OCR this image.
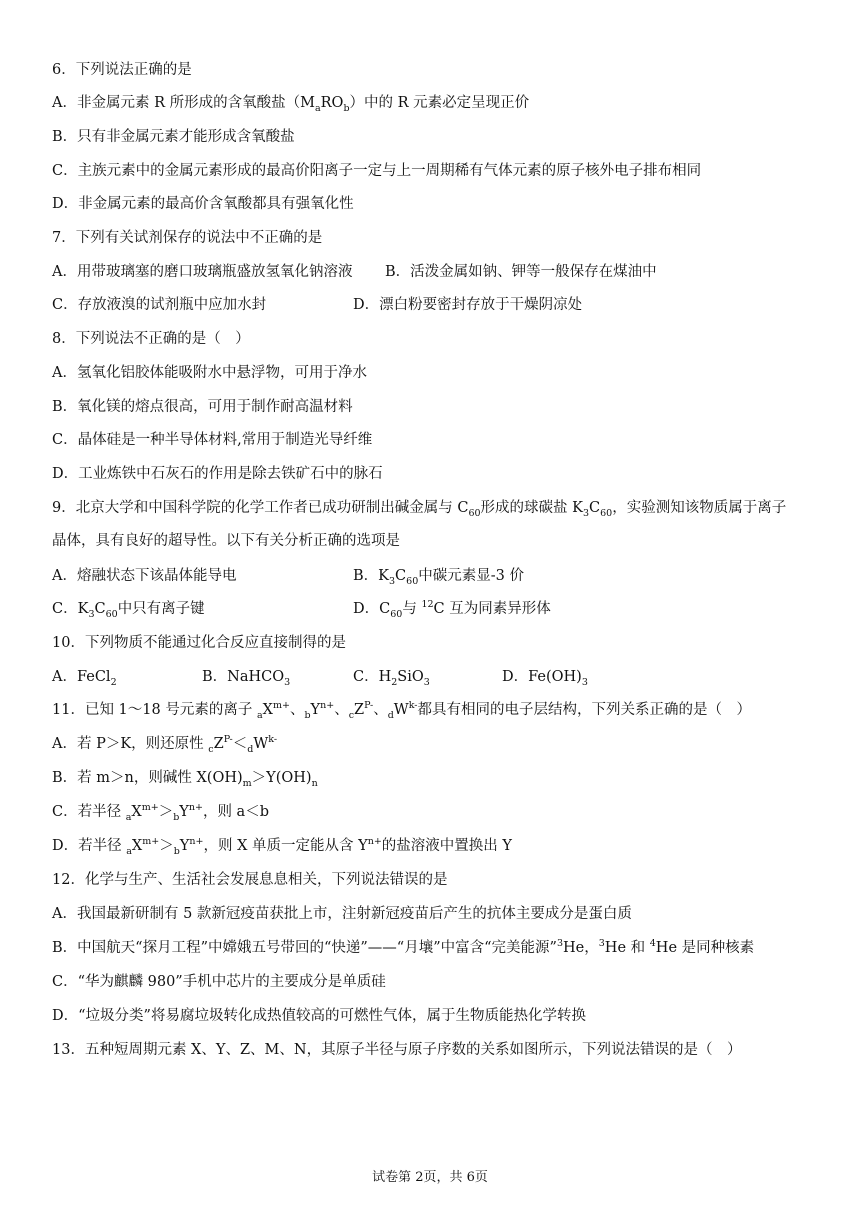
6．下列说法正确的是
A．非金属元素 R 所形成的含氧酸盐$(M_aRO_b)$中的 R 元素必定呈现正价
B．只有非金属元素才能形成含氧酸盐
C．主族元素中的金属元素形成的最高价阳离子一定与上一周期稀有气体元素的原子核外电子排布相同
D．非金属元素的最高价含氧酸都具有强氧化性
7．下列有关试剂保存的说法中不正确的是
A．用带玻璃塞的磨口玻璃瓶盛放氢氧化钠溶液 B．活泼金属如钠、钾等一般保存在煤油中
C．存放液溴的试剂瓶中应加水封	D．漂白粉要密封存放于干燥阴凉处
8．下列说法不正确的是（　）
A．氢氧化铝胶体能吸附水中悬浮物，可用于净水
B．氧化镁的熔点很高，可用于制作耐高温材料
C．晶体硅是一种半导体材料,常用于制造光导纤维
D．工业炼铁中石灰石的作用是除去铁矿石中的脉石
9．北京大学和中国科学院的化学工作者已成功研制出碱金属与 $C_{60}$形成的球碳盐 $K_3C_{60}$，实验测知该物质属于离子
晶体，具有良好的超导性。以下有关分析正确的选项是
A．熔融状态下该晶体能导电	B．$K_3C_{60}$中碳元素显-3 价
C．$K_3C_{60}$中只有离子键	D．$C_{60}$与 $^{12}$C 互为同素异形体
10．下列物质不能通过化合反应直接制得的是
A．FeCl$_2$	B．NaHCO$_3$	C．$H_2SiO_3$	D．$Fe(OH)_3$
11．已知 1～18 号元素的离子 $_aX^{m+}$、$_bY^{n+}$、$_cZ^{P-}$、$_dW^{k-}$都具有相同的电子层结构，下列关系正确的是（　）
A．若 P＞K，则还原性 $_cZ^{P-}<_dW^{k-}$
B．若 m＞n，则碱性 $X(OH)_m>Y(OH)_n$
C．若半径 $_aX^{m+}>_bY^{n+}$，则 a＜b
D．若半径 $_aX^{m+}>_bY^{n+}$，则 X 单质一定能从含 $Y^{n+}$的盐溶液中置换出 Y
12．化学与生产、生活社会发展息息相关，下列说法错误的是
A．我国最新研制有 5 款新冠疫苗获批上市，注射新冠疫苗后产生的抗体主要成分是蛋白质
B．中国航天“探月工程”中嫦娥五号带回的“快递”——“月壤”中富含“完美能源”$^3$He，$^3$He 和 $^4$He 是同种核素
C．“华为麒麟 980”手机中芯片的主要成分是单质硅
D．“垃圾分类”将易腐垃圾转化成热值较高的可燃性气体，属于生物质能热化学转换
13．五种短周期元素 X、Y、Z、M、N，其原子半径与原子序数的关系如图所示，下列说法错误的是（　）
试卷第 2页，共 6页
